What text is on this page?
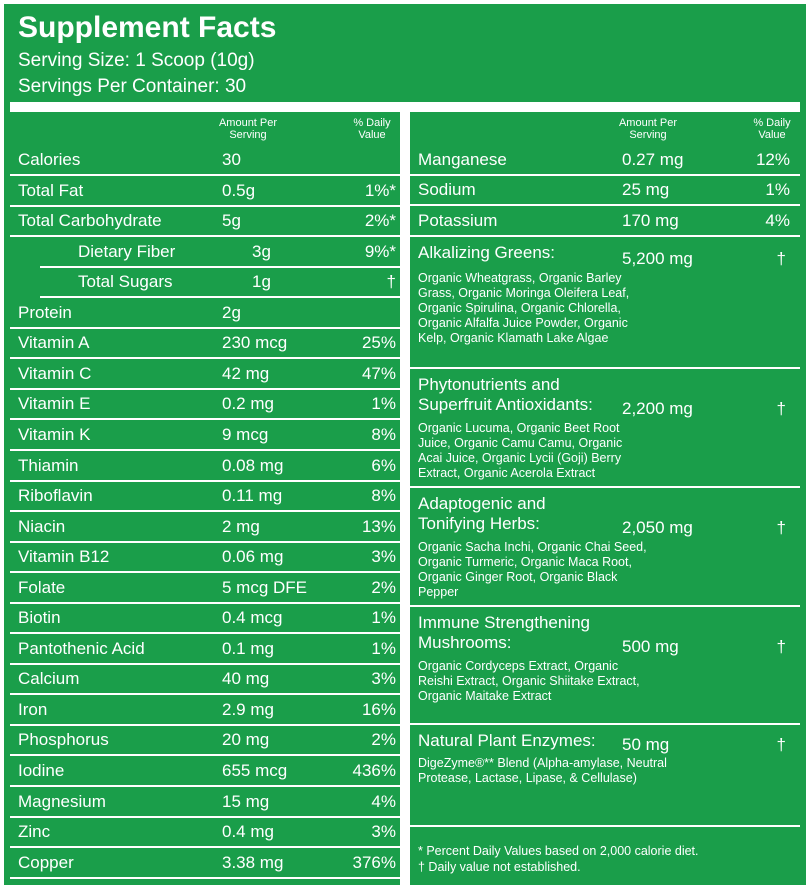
Supplement Facts
Serving Size: 1 Scoop (10g)
Servings Per Container: 30
Amount Per Serving
% Daily Value
Amount Per Serving
% Daily Value
Calories	30
Total Fat	0.5g	1%*
Total Carbohydrate	5g	2%*
Dietary Fiber	3g	9%*
Total Sugars	1g	†
Protein	2g
Vitamin A	230 mcg	25%
Vitamin C	42 mg	47%
Vitamin E	0.2 mg	1%
Vitamin K	9 mcg	8%
Thiamin	0.08 mg	6%
Riboflavin	0.11 mg	8%
Niacin	2 mg	13%
Vitamin B12	0.06 mg	3%
Folate	5 mcg DFE	2%
Biotin	0.4 mcg	1%
Pantothenic Acid	0.1 mg	1%
Calcium	40 mg	3%
Iron	2.9 mg	16%
Phosphorus	20 mg	2%
Iodine	655 mcg	436%
Magnesium	15 mg	4%
Zinc	0.4 mg	3%
Copper	3.38 mg	376%
Manganese	0.27 mg	12%
Sodium	25 mg	1%
Potassium	170 mg	4%
Alkalizing Greens:	5,200 mg	†
Organic Wheatgrass, Organic Barley Grass, Organic Moringa Oleifera Leaf, Organic Spirulina, Organic Chlorella, Organic Alfalfa Juice Powder, Organic Kelp, Organic Klamath Lake Algae
Phytonutrients and
Superfruit Antioxidants: 2,200 mg	†
Organic Lucuma, Organic Beet Root Juice, Organic Camu Camu, Organic Acai Juice, Organic Lycii (Goji) Berry Extract, Organic Acerola Extract
Adaptogenic and
Tonifying Herbs:	2,050 mg	†
Organic Sacha Inchi, Organic Chai Seed, Organic Turmeric, Organic Maca Root, Organic Ginger Root, Organic Black Pepper
Immune Strengthening
Mushrooms:	500 mg	†
Organic Cordyceps Extract, Organic Reishi Extract, Organic Shiitake Extract, Organic Maitake Extract
Natural Plant Enzymes: 50 mg	†
DigeZyme®** Blend (Alpha-amylase, Neutral Protease, Lactase, Lipase, & Cellulase)
* Percent Daily Values based on 2,000 calorie diet.
† Daily value not established.
